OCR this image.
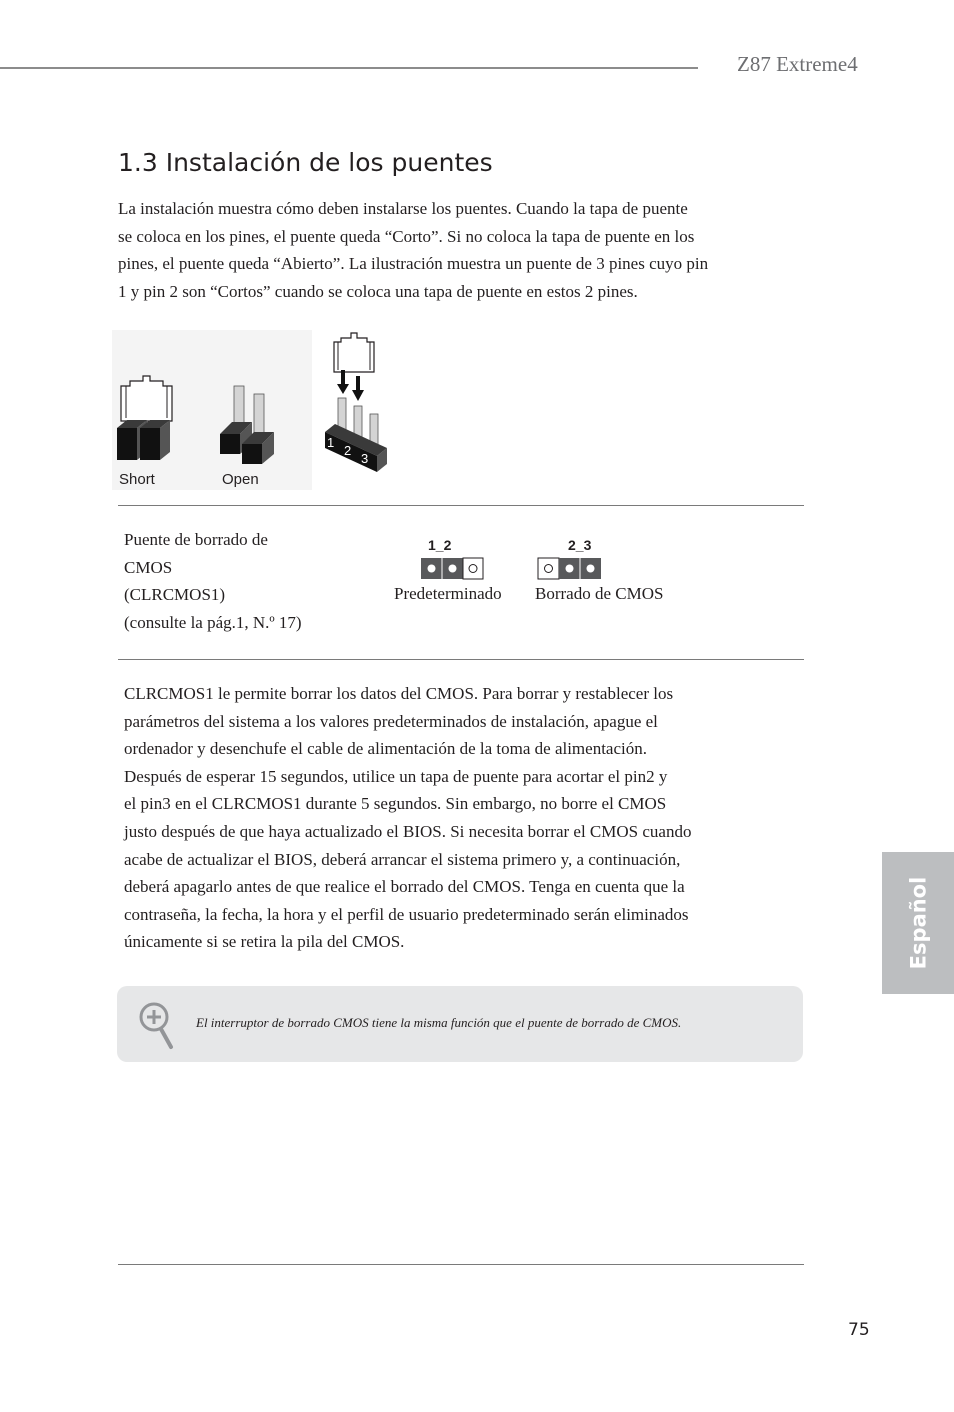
Z87 Extreme4
1.3 Instalación de los puentes
La instalación muestra cómo deben instalarse los puentes. Cuando la tapa de puente
se coloca en los pines, el puente queda “Corto”. Si no coloca la tapa de puente en los
pines, el puente queda “Abierto”. La ilustración muestra un puente de 3 pines cuyo pin
1 y pin 2 son “Cortos” cuando se coloca una tapa de puente en estos 2 pines.
Short	Open
1
2
3
Puente de borrado de
CMOS
(CLRCMOS1)
(consulte la pág.1, N.º 17)
1_2
Predeterminado
2_3
Borrado de CMOS
CLRCMOS1 le permite borrar los datos del CMOS. Para borrar y restablecer los
parámetros del sistema a los valores predeterminados de instalación, apague el
ordenador y desenchufe el cable de alimentación de la toma de alimentación.
Después de esperar 15 segundos, utilice un tapa de puente para acortar el pin2 y
el pin3 en el CLRCMOS1 durante 5 segundos. Sin embargo, no borre el CMOS
justo después de que haya actualizado el BIOS. Si necesita borrar el CMOS cuando
acabe de actualizar el BIOS, deberá arrancar el sistema primero y, a continuación,
deberá apagarlo antes de que realice el borrado del CMOS. Tenga en cuenta que la
contraseña, la fecha, la hora y el perfil de usuario predeterminado serán eliminados
únicamente si se retira la pila del CMOS.
El interruptor de borrado CMOS tiene la misma función que el puente de borrado de CMOS.
Español
75
